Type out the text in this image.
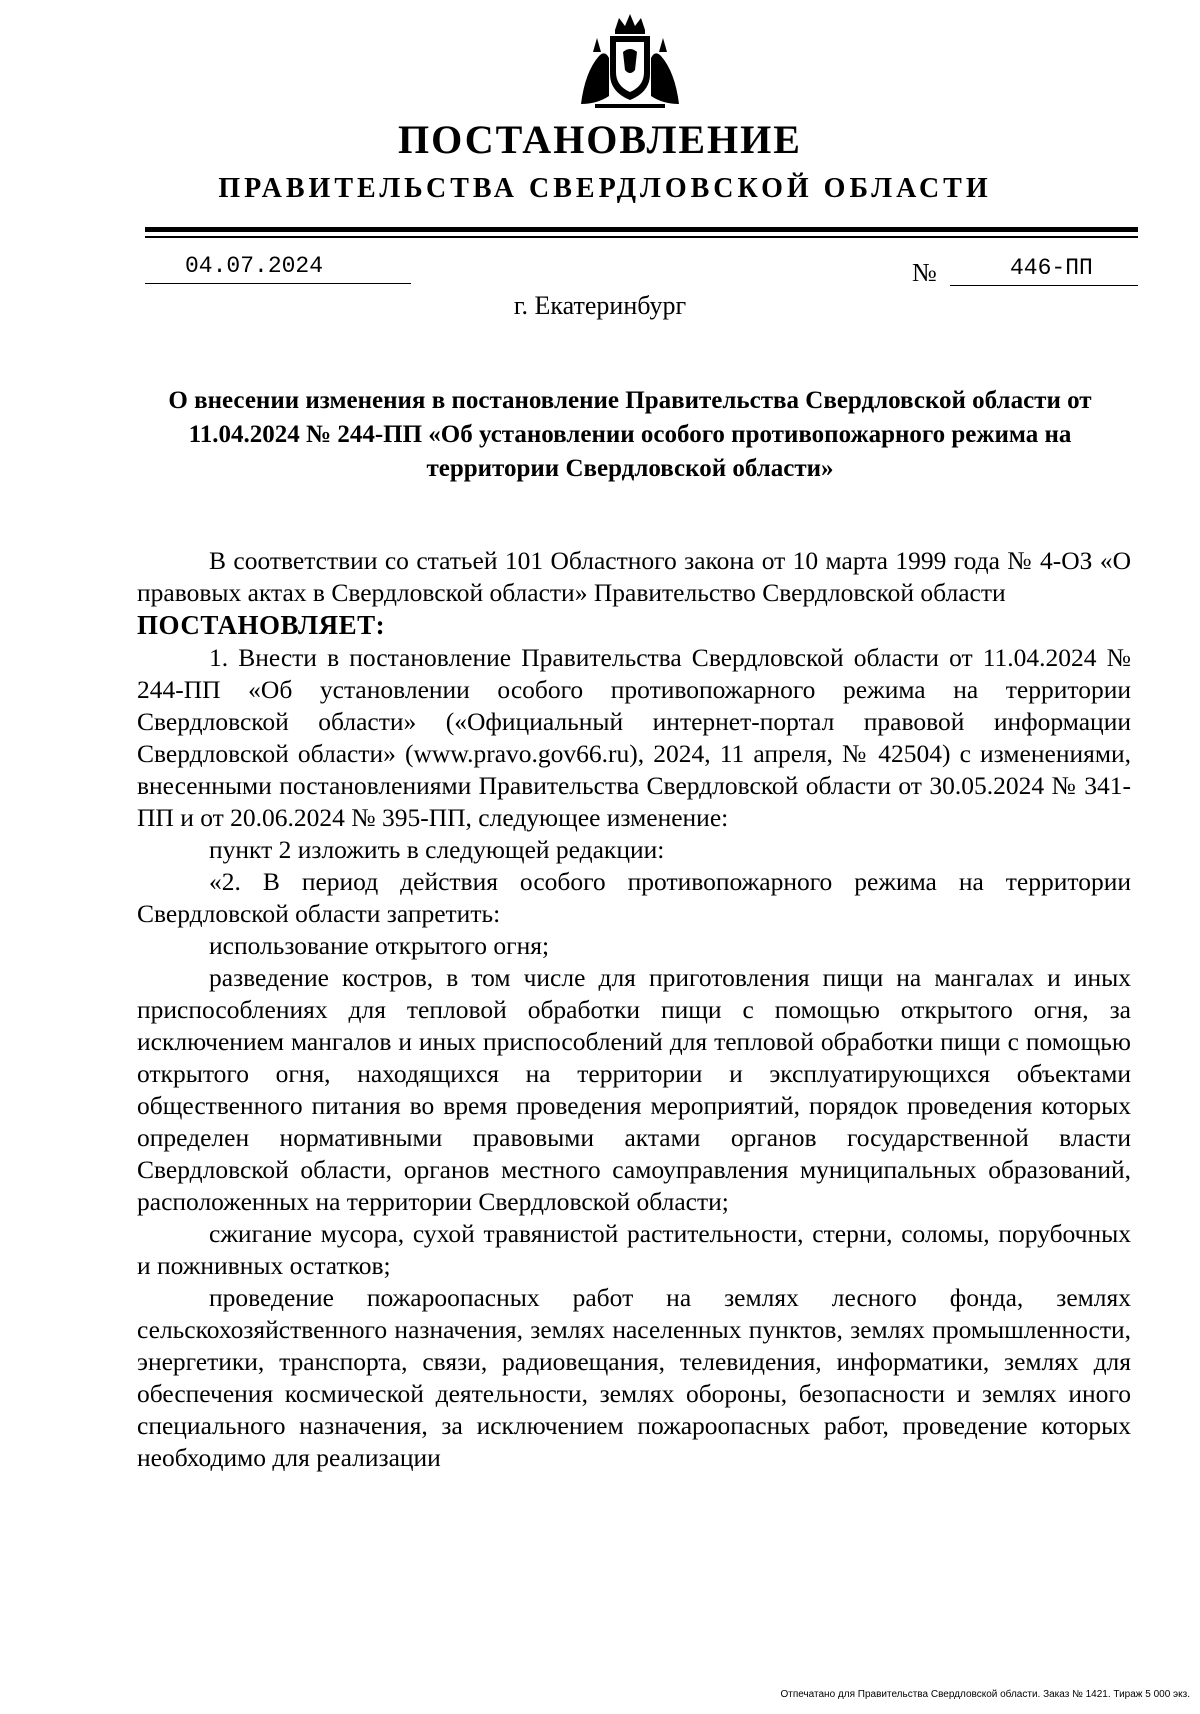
ПОСТАНОВЛЕНИЕ
ПРАВИТЕЛЬСТВА СВЕРДЛОВСКОЙ ОБЛАСТИ
04.07.2024	№	446-ПП
г. Екатеринбург
О внесении изменения в постановление Правительства Свердловской области от 11.04.2024 № 244-ПП «Об установлении особого противопожарного режима на территории Свердловской области»

В соответствии со статьей 101 Областного закона от 10 марта 1999 года № 4-ОЗ «О правовых актах в Свердловской области» Правительство Свердловской области

ПОСТАНОВЛЯЕТ:

1. Внести в постановление Правительства Свердловской области от 11.04.2024 № 244-ПП «Об установлении особого противопожарного режима на территории Свердловской области» («Официальный интернет-портал правовой информации Свердловской области» (www.pravo.gov66.ru), 2024, 11 апреля, № 42504) с изменениями, внесенными постановлениями Правительства Свердловской области от 30.05.2024 № 341-ПП и от 20.06.2024 № 395-ПП, следующее изменение:

пункт 2 изложить в следующей редакции:

«2. В период действия особого противопожарного режима на территории Свердловской области запретить:

использование открытого огня;

разведение костров, в том числе для приготовления пищи на мангалах и иных приспособлениях для тепловой обработки пищи с помощью открытого огня, за исключением мангалов и иных приспособлений для тепловой обработки пищи с помощью открытого огня, находящихся на территории и эксплуатирующихся объектами общественного питания во время проведения мероприятий, порядок проведения которых определен нормативными правовыми актами органов государственной власти Свердловской области, органов местного самоуправления муниципальных образований, расположенных на территории Свердловской области;

сжигание мусора, сухой травянистой растительности, стерни, соломы, порубочных и пожнивных остатков;

проведение пожароопасных работ на землях лесного фонда, землях сельскохозяйственного назначения, землях населенных пунктов, землях промышленности, энергетики, транспорта, связи, радиовещания, телевидения, информатики, землях для обеспечения космической деятельности, землях обороны, безопасности и землях иного специального назначения, за исключением пожароопасных работ, проведение которых необходимо для реализации

Отпечатано для Правительства Свердловской области. Заказ № 1421. Тираж 5 000 экз.
